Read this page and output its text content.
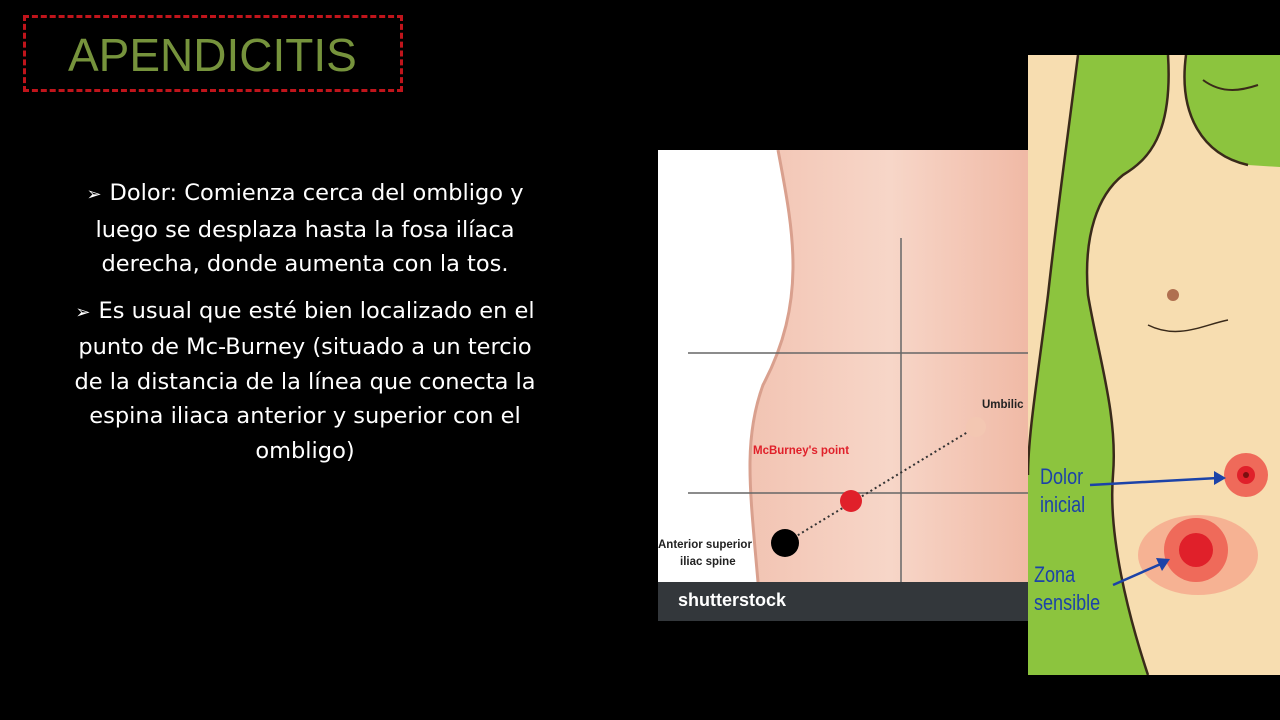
APENDICITIS
➢ Dolor: Comienza cerca del ombligo y luego se desplaza hasta la fosa ilíaca derecha, donde aumenta con la tos.
➢ Es usual que esté bien localizado en el punto de Mc-Burney (situado a un tercio de la distancia de la línea que conecta la espina iliaca anterior y superior con el ombligo)	McBurney's point
Umbilic
Anterior superior
iliac spine
shutterstock
Dolor
inicial
Zona
sensible
